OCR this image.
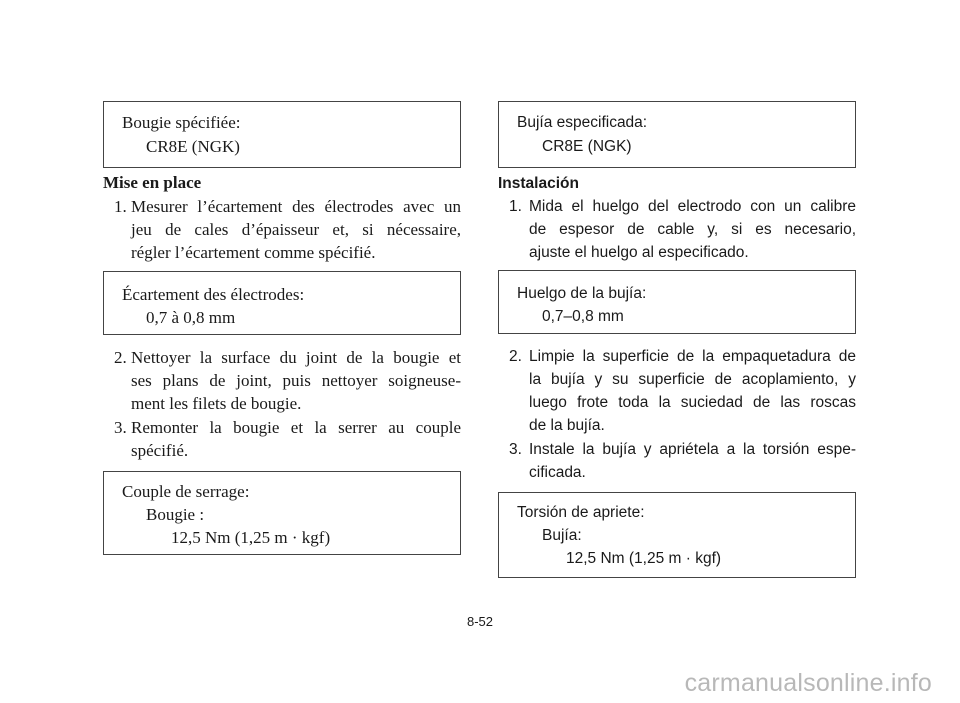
Bougie spécifiée:
CR8E (NGK)
Mise en place
1. Mesurer l’écartement des électrodes avec un
jeu de cales d’épaisseur et, si nécessaire,
régler l’écartement comme spécifié.
Écartement des électrodes:
0,7 à 0,8 mm
2. Nettoyer la surface du joint de la bougie et
ses plans de joint, puis nettoyer soigneuse-
ment les filets de bougie.
3. Remonter la bougie et la serrer au couple
spécifié.
Couple de serrage:
Bougie :
12,5 Nm (1,25 m · kgf)
Bujía especificada:
CR8E (NGK)
Instalación
1. Mida el huelgo del electrodo con un calibre
de espesor de cable y, si es necesario,
ajuste el huelgo al especificado.
Huelgo de la bujía:
0,7–0,8 mm
2. Limpie la superficie de la empaquetadura de
la bujía y su superficie de acoplamiento, y
luego frote toda la suciedad de las roscas
de la bujía.
3. Instale la bujía y apriétela a la torsión espe-
cificada.
Torsión de apriete:
Bujía:
12,5 Nm (1,25 m · kgf)
8-52
carmanualsonline.info
